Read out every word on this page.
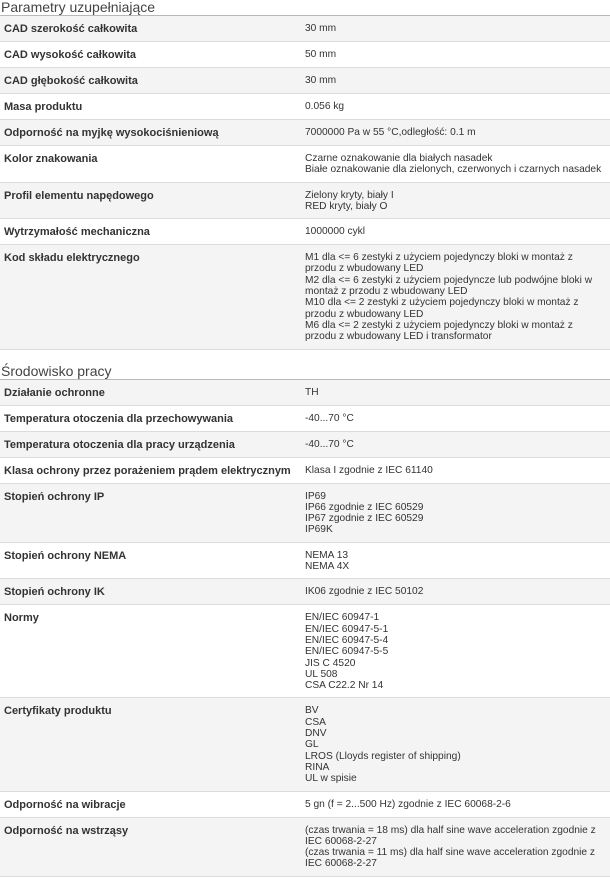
Parametry uzupełniające
CAD szerokość całkowita	30 mm
CAD wysokość całkowita	50 mm
CAD głębokość całkowita	30 mm
Masa produktu	0.056 kg
Odporność na myjkę wysokociśnieniową	7000000 Pa w 55 °C,odległość: 0.1 m
Kolor znakowania	Czarne oznakowanie dla białych nasadek
Białe oznakowanie dla zielonych, czerwonych i czarnych nasadek
Profil elementu napędowego	Zielony kryty, biały I
RED kryty, biały O
Wytrzymałość mechaniczna	1000000 cykl
Kod składu elektrycznego	M1 dla <= 6 zestyki z użyciem pojedynczy bloki w montaż z przodu z wbudowany LED
M2 dla <= 6 zestyki z użyciem pojedyncze lub podwójne bloki w montaż z przodu z wbudowany LED
M10 dla <= 2 zestyki z użyciem pojedynczy bloki w montaż z przodu z wbudowany LED
M6 dla <= 2 zestyki z użyciem pojedynczy bloki w montaż z przodu z wbudowany LED i transformator
Środowisko pracy
Działanie ochronne	TH
Temperatura otoczenia dla przechowywania	-40...70 °C
Temperatura otoczenia dla pracy urządzenia	-40...70 °C
Klasa ochrony przez porażeniem prądem elektrycznym	Klasa I zgodnie z IEC 61140
Stopień ochrony IP	IP69
IP66 zgodnie z IEC 60529
IP67 zgodnie z IEC 60529
IP69K
Stopień ochrony NEMA	NEMA 13
NEMA 4X
Stopień ochrony IK	IK06 zgodnie z IEC 50102
Normy	EN/IEC 60947-1
EN/IEC 60947-5-1
EN/IEC 60947-5-4
EN/IEC 60947-5-5
JIS C 4520
UL 508
CSA C22.2 Nr 14
Certyfikaty produktu	BV
CSA
DNV
GL
LROS (Lloyds register of shipping)
RINA
UL w spisie
Odporność na wibracje	5 gn (f = 2...500 Hz) zgodnie z IEC 60068-2-6
Odporność na wstrząsy	(czas trwania = 18 ms) dla half sine wave acceleration zgodnie z IEC 60068-2-27
(czas trwania = 11 ms) dla half sine wave acceleration zgodnie z IEC 60068-2-27
